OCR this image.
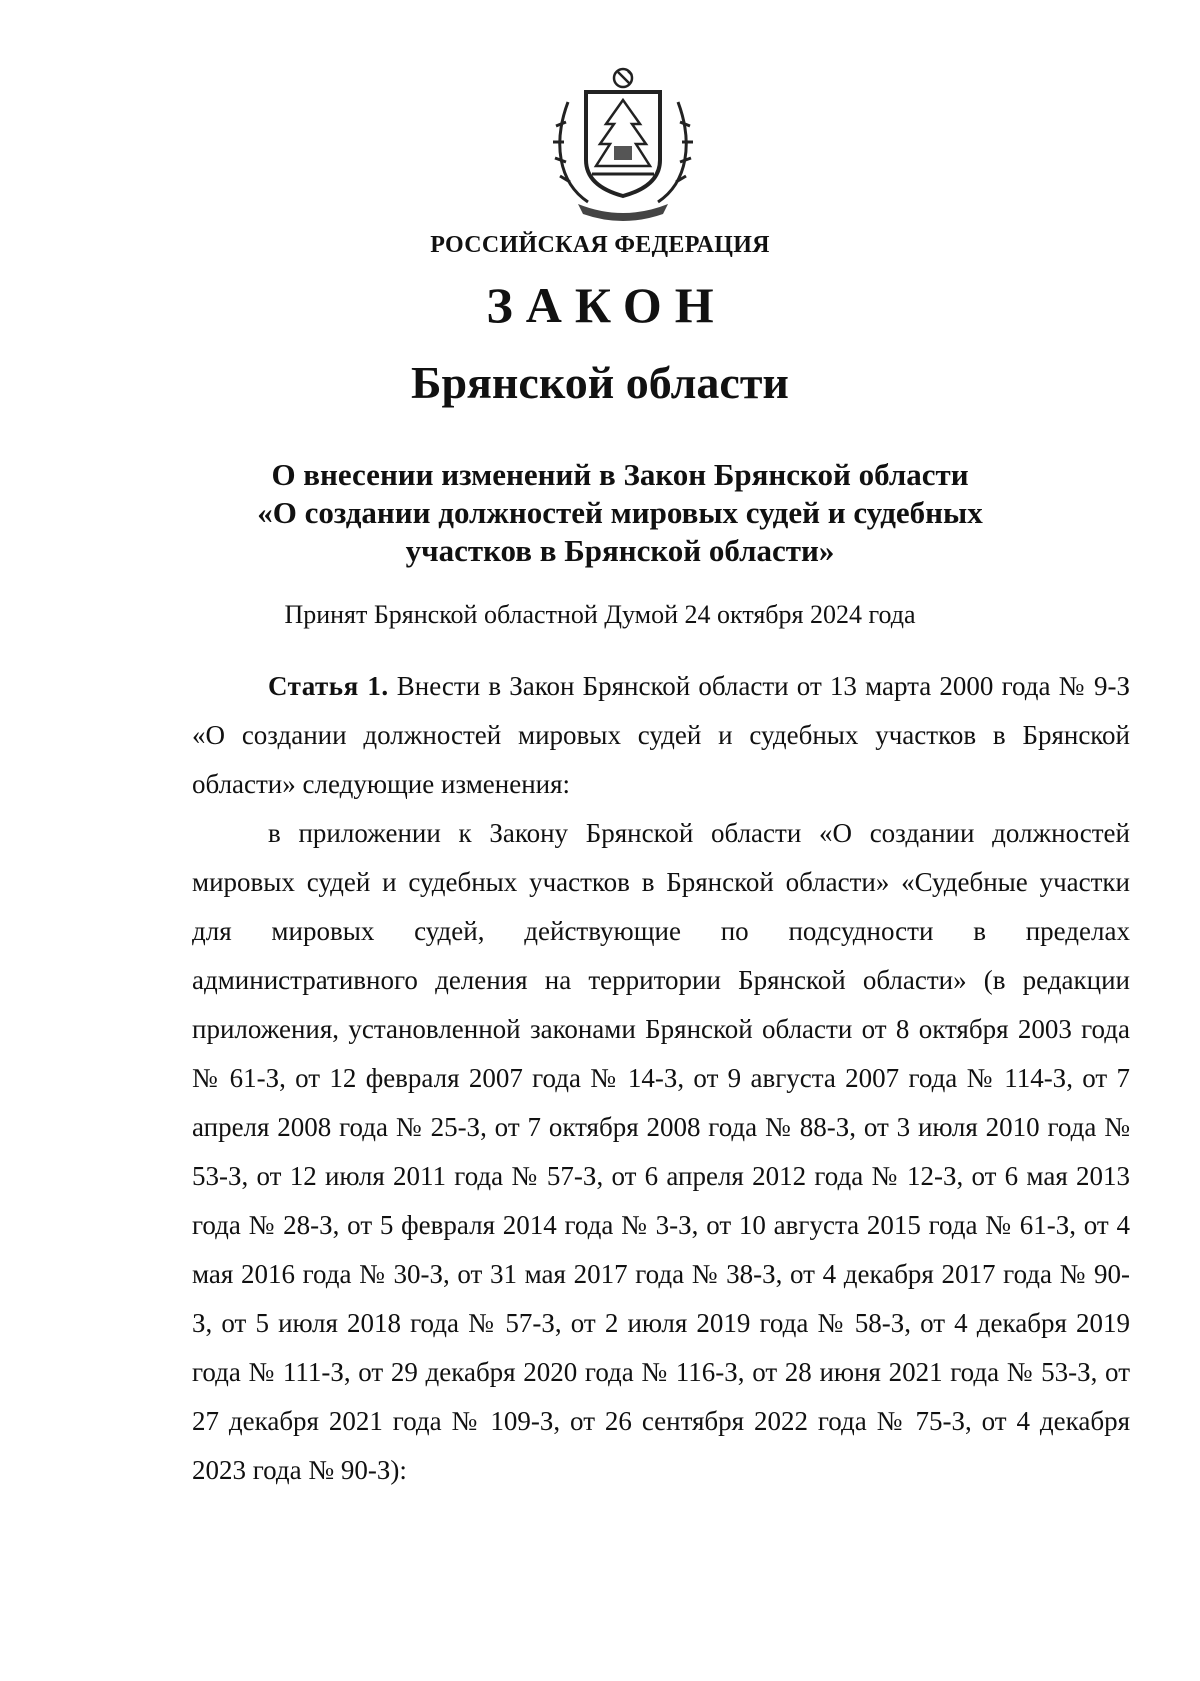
РОССИЙСКАЯ ФЕДЕРАЦИЯ
ЗАКОН
Брянской области
О внесении изменений в Закон Брянской области
«О создании должностей мировых судей и судебных
участков в Брянской области»
Принят Брянской областной Думой 24 октября 2024 года

Статья 1. Внести в Закон Брянской области от 13 марта 2000 года № 9-З «О создании должностей мировых судей и судебных участков в Брянской области» следующие изменения:

в приложении к Закону Брянской области «О создании должностей мировых судей и судебных участков в Брянской области» «Судебные участки для мировых судей, действующие по подсудности в пределах административного деления на территории Брянской области» (в редакции приложения, установленной законами Брянской области от 8 октября 2003 года № 61-З, от 12 февраля 2007 года № 14-З, от 9 августа 2007 года № 114-З, от 7 апреля 2008 года № 25-З, от 7 октября 2008 года № 88-З, от 3 июля 2010 года № 53-З, от 12 июля 2011 года № 57-З, от 6 апреля 2012 года № 12-З, от 6 мая 2013 года № 28-З, от 5 февраля 2014 года № 3-З, от 10 августа 2015 года № 61-З, от 4 мая 2016 года № 30-З, от 31 мая 2017 года № 38-З, от 4 декабря 2017 года № 90-З, от 5 июля 2018 года № 57-З, от 2 июля 2019 года № 58-З, от 4 декабря 2019 года № 111-З, от 29 декабря 2020 года № 116-З, от 28 июня 2021 года № 53-З, от 27 декабря 2021 года № 109-З, от 26 сентября 2022 года № 75-З, от 4 декабря 2023 года № 90-З):
